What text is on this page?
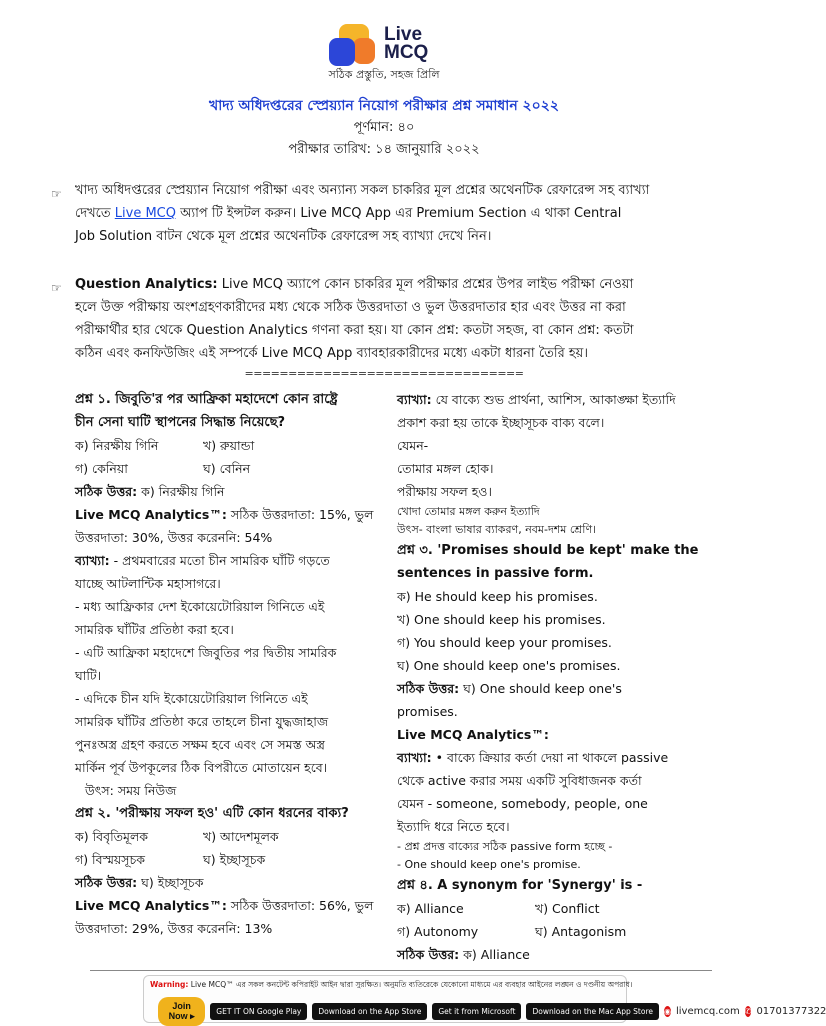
Live
MCQ
সঠিক প্রস্তুতি, সহজ প্রিলি
খাদ্য অধিদপ্তরের স্প্রেয়্যান নিয়োগ পরীক্ষার প্রশ্ন সমাধান ২০২২
পূর্ণমান: ৪০
পরীক্ষার তারিখ: ১৪ জানুয়ারি ২০২২
☞ খাদ্য অধিদপ্তরের স্প্রেয়্যান নিয়োগ পরীক্ষা এবং অন্যান্য সকল চাকরির মূল প্রশ্নের অথেনটিক রেফারেন্স সহ ব্যাখ্যা
দেখতে Live MCQ অ্যাপ টি ইন্সটল করুন। Live MCQ App এর Premium Section এ থাকা Central
Job Solution বাটন থেকে মূল প্রশ্নের অথেনটিক রেফারেন্স সহ ব্যাখ্যা দেখে নিন।
☞ Question Analytics: Live MCQ অ্যাপে কোন চাকরির মূল পরীক্ষার প্রশ্নের উপর লাইভ পরীক্ষা নেওয়া
হলে উক্ত পরীক্ষায় অংশগ্রহণকারীদের মধ্য থেকে সঠিক উত্তরদাতা ও ভুল উত্তরদাতার হার এবং উত্তর না করা
পরীক্ষার্থীর হার থেকে Question Analytics গণনা করা হয়। যা কোন প্রশ্ন: কতটা সহজ, বা কোন প্রশ্ন: কতটা
কঠিন এবং কনফিউজিং এই সম্পর্কে Live MCQ App ব্যাবহারকারীদের মধ্যে একটা ধারনা তৈরি হয়।
================================
প্রশ্ন ১. জিবুতি'র পর আফ্রিকা মহাদেশে কোন রাষ্ট্রে
চীন সেনা ঘাটি স্থাপনের সিদ্ধান্ত নিয়েছে?
ক) নিরক্ষীয় গিনি	খ) রুয়ান্ডা
গ) কেনিয়া	ঘ) বেনিন
সঠিক উত্তর: ক) নিরক্ষীয় গিনি
Live MCQ Analytics™: সঠিক উত্তরদাতা: 15%, ভুল
উত্তরদাতা: 30%, উত্তর করেননি: 54%
ব্যাখ্যা: - প্রথমবারের মতো চীন সামরিক ঘাঁটি গড়তে
যাচ্ছে আটলান্টিক মহাসাগরে।
- মধ্য আফ্রিকার দেশ ইকোয়েটোরিয়াল গিনিতে এই
সামরিক ঘাঁটির প্রতিষ্ঠা করা হবে।
- এটি আফ্রিকা মহাদেশে জিবুতির পর দ্বিতীয় সামরিক
ঘাটি।
- এদিকে চীন যদি ইকোয়েটোরিয়াল গিনিতে এই
সামরিক ঘাঁটির প্রতিষ্ঠা করে তাহলে চীনা যুদ্ধজাহাজ
পুনঃঅস্ত্র গ্রহণ করতে সক্ষম হবে এবং সে সমস্ত অস্ত্র
মার্কিন পূর্ব উপকূলের ঠিক বিপরীতে মোতায়েন হবে।
উৎস: সময় নিউজ
প্রশ্ন ২. 'পরীক্ষায় সফল হও' এটি কোন ধরনের বাক্য?
ক) বিবৃতিমূলক	খ) আদেশমূলক
গ) বিস্ময়সূচক	ঘ) ইচ্ছাসূচক
সঠিক উত্তর: ঘ) ইচ্ছাসূচক
Live MCQ Analytics™: সঠিক উত্তরদাতা: 56%, ভুল
উত্তরদাতা: 29%, উত্তর করেননি: 13%
ব্যাখ্যা: যে বাক্যে শুভ প্রার্থনা, আশিস, আকাঙ্ক্ষা ইত্যাদি
প্রকাশ করা হয় তাকে ইচ্ছাসূচক বাক্য বলে।
যেমন-
তোমার মঙ্গল হোক।
পরীক্ষায় সফল হও।
খোদা তোমার মঙ্গল করুন ইত্যাদি
উৎস- বাংলা ভাষার ব্যাকরণ, নবম-দশম শ্রেণি।
প্রশ্ন ৩. 'Promises should be kept' make the
sentences in passive form.
ক) He should keep his promises.
খ) One should keep his promises.
গ) You should keep your promises.
ঘ) One should keep one's promises.
সঠিক উত্তর: ঘ) One should keep one's
promises.
Live MCQ Analytics™:
ব্যাখ্যা: • বাক্যে ক্রিয়ার কর্তা দেয়া না থাকলে passive
থেকে active করার সময় একটি সুবিধাজনক কর্তা
যেমন - someone, somebody, people, one
ইত্যাদি ধরে নিতে হবে।
- প্রশ্ন প্রদত্ত বাক্যের সঠিক passive form হচ্ছে -
- One should keep one's promise.
প্রশ্ন ৪. A synonym for 'Synergy' is -
ক) Alliance	খ) Conflict
গ) Autonomy	ঘ) Antagonism
সঠিক উত্তর: ক) Alliance
Warning: Live MCQ™ এর সকল কনটেন্ট কপিরাইট আইন দ্বারা সুরক্ষিত। অনুমতি ব্যতিরেকে যেকোনো মাধ্যমে এর ব্যবহার আইনের লঙ্ঘন ও দণ্ডনীয় অপরাধ।
Join Now ▸	GET IT ON Google Play	Download on the App Store	Get it from Microsoft	Download on the Mac App Store	◉ livemcq.com ✆ 01701377322
